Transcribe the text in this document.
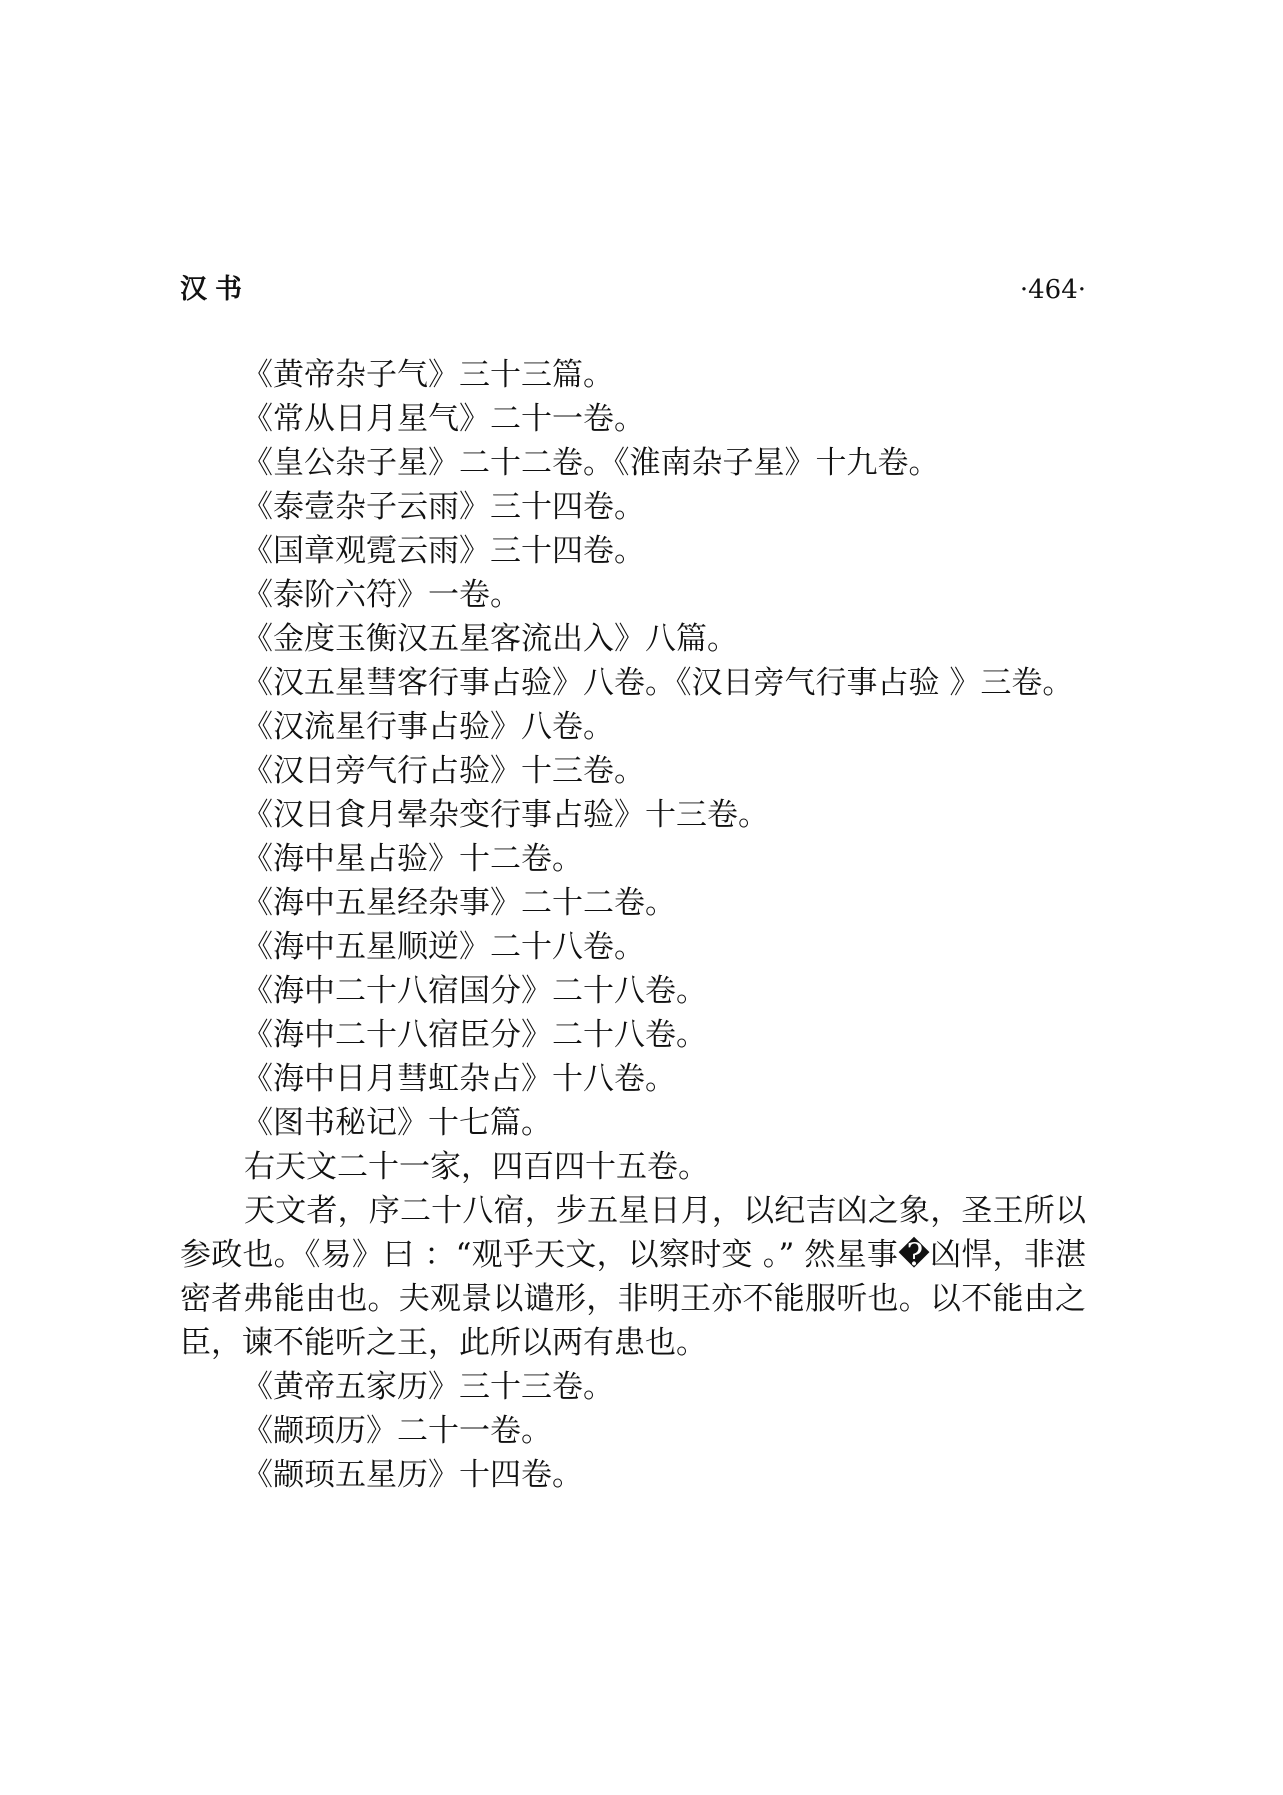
汉书	·464·

《黄帝杂子气》三十三篇。

《常从日月星气》二十一卷。

《皇公杂子星》二十二卷。《淮南杂子星》十九卷。

《泰壹杂子云雨》三十四卷。

《国章观霓云雨》三十四卷。

《泰阶六符》一卷。

《金度玉衡汉五星客流出入》八篇。

《汉五星彗客行事占验》八卷。《汉日旁气行事占验 》三卷。

《汉流星行事占验》八卷。

《汉日旁气行占验》十三卷。

《汉日食月晕杂变行事占验》十三卷。

《海中星占验》十二卷。

《海中五星经杂事》二十二卷。

《海中五星顺逆》二十八卷。

《海中二十八宿国分》二十八卷。

《海中二十八宿臣分》二十八卷。

《海中日月彗虹杂占》十八卷。

《图书秘记》十七篇。

右天文二十一家，四百四十五卷。

天文者，序二十八宿，步五星日月，以纪吉凶之象，圣王所以参政也。《易》曰 ：“观乎天文，以察时变 。” 然星事�凶悍，非湛密者弗能由也。夫观景以谴形，非明王亦不能服听也。以不能由之臣，谏不能听之王，此所以两有患也。

《黄帝五家历》三十三卷。

《颛顼历》二十一卷。

《颛顼五星历》十四卷。
